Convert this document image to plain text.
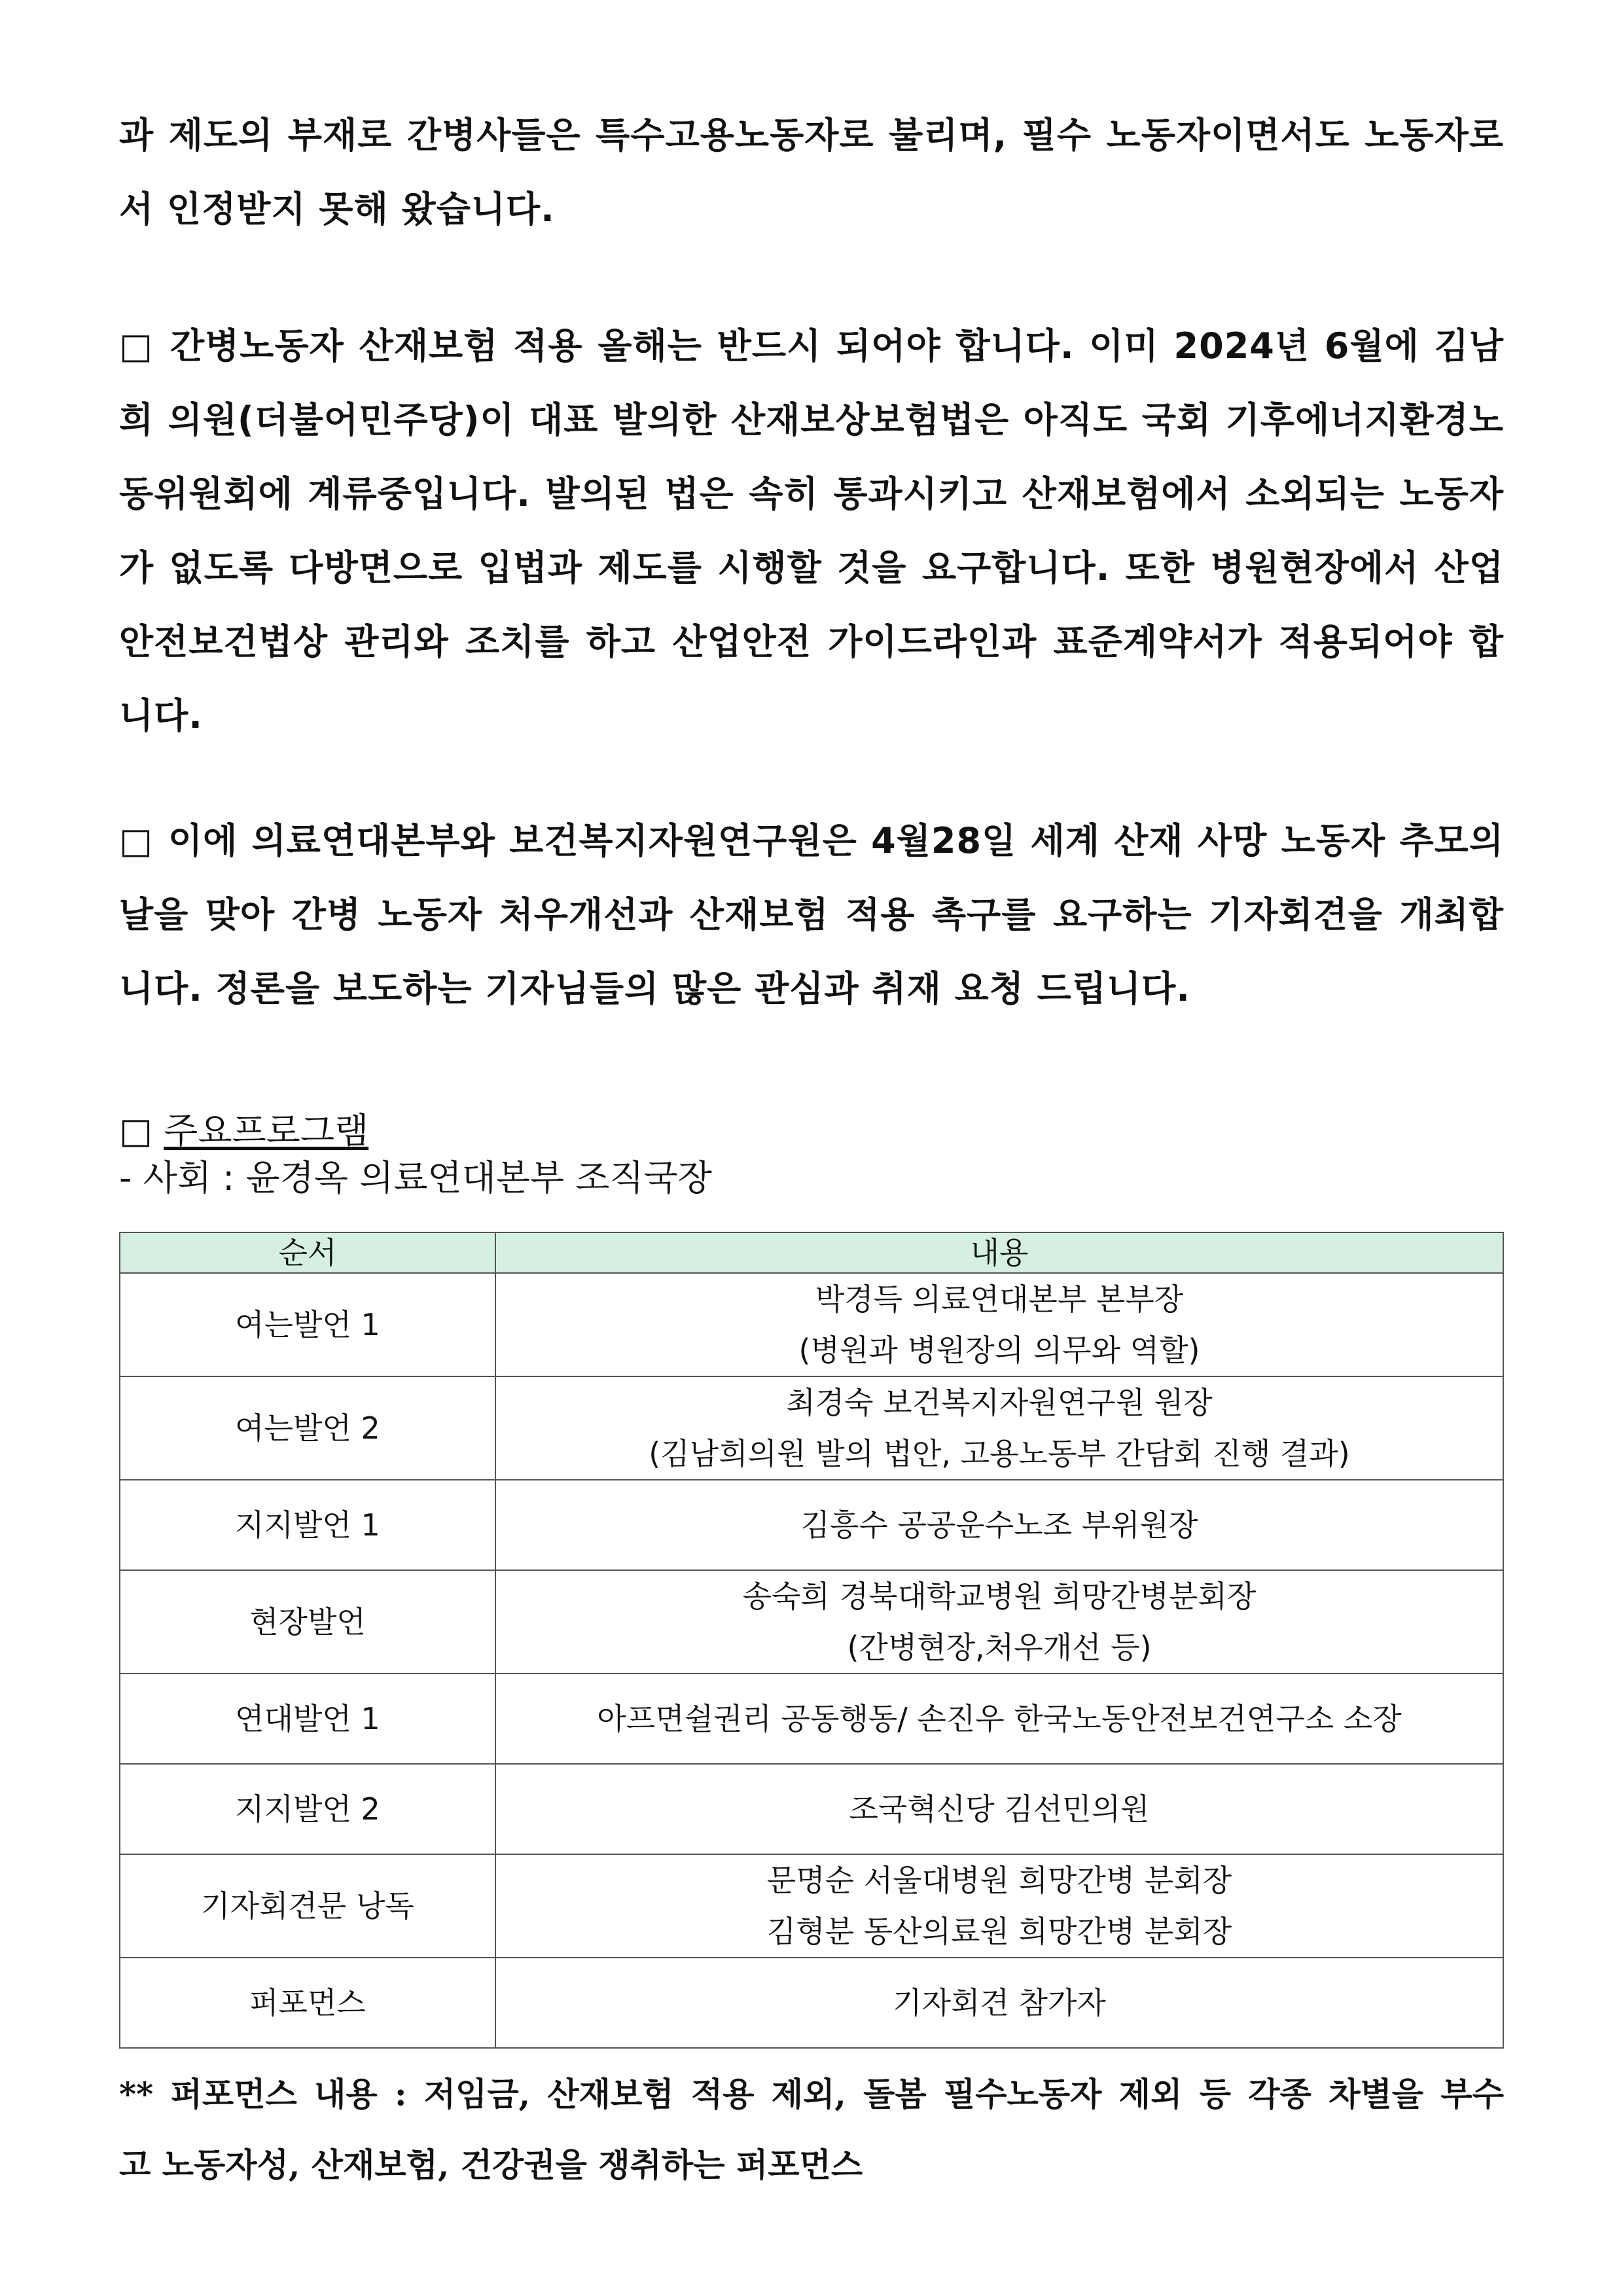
과 제도의 부재로 간병사들은 특수고용노동자로 불리며, 필수 노동자이면서도 노동자로
서 인정받지 못해 왔습니다.
□ 간병노동자 산재보험 적용 올해는 반드시 되어야 합니다. 이미 2024년 6월에 김남
희 의원(더불어민주당)이 대표 발의한 산재보상보험법은 아직도 국회 기후에너지환경노
동위원회에 계류중입니다. 발의된 법은 속히 통과시키고 산재보험에서 소외되는 노동자
가 없도록 다방면으로 입법과 제도를 시행할 것을 요구합니다. 또한 병원현장에서 산업
안전보건법상 관리와 조치를 하고 산업안전 가이드라인과 표준계약서가 적용되어야 합
니다.
□ 이에 의료연대본부와 보건복지자원연구원은 4월28일 세계 산재 사망 노동자 추모의
날을 맞아 간병 노동자 처우개선과 산재보험 적용 촉구를 요구하는 기자회견을 개최합
니다. 정론을 보도하는 기자님들의 많은 관심과 취재 요청 드립니다.
□ 주요프로그램
- 사회 : 윤경옥 의료연대본부 조직국장
순서	내용
여는발언 1	박경득 의료연대본부 본부장
(병원과 병원장의 의무와 역할)

여는발언 2	최경숙 보건복지자원연구원 원장
(김남희의원 발의 법안, 고용노동부 간담회 진행 결과)

지지발언 1	김흥수 공공운수노조 부위원장

현장발언	송숙희 경북대학교병원 희망간병분회장
(간병현장,처우개선 등)

연대발언 1	아프면쉴권리 공동행동/ 손진우 한국노동안전보건연구소 소장

지지발언 2	조국혁신당 김선민의원

기자회견문 낭독	문명순 서울대병원 희망간병 분회장
김형분 동산의료원 희망간병 분회장

퍼포먼스	기자회견 참가자
** 퍼포먼스 내용 : 저임금, 산재보험 적용 제외, 돌봄 필수노동자 제외 등 각종 차별을 부수
고 노동자성, 산재보험, 건강권을 쟁취하는 퍼포먼스
